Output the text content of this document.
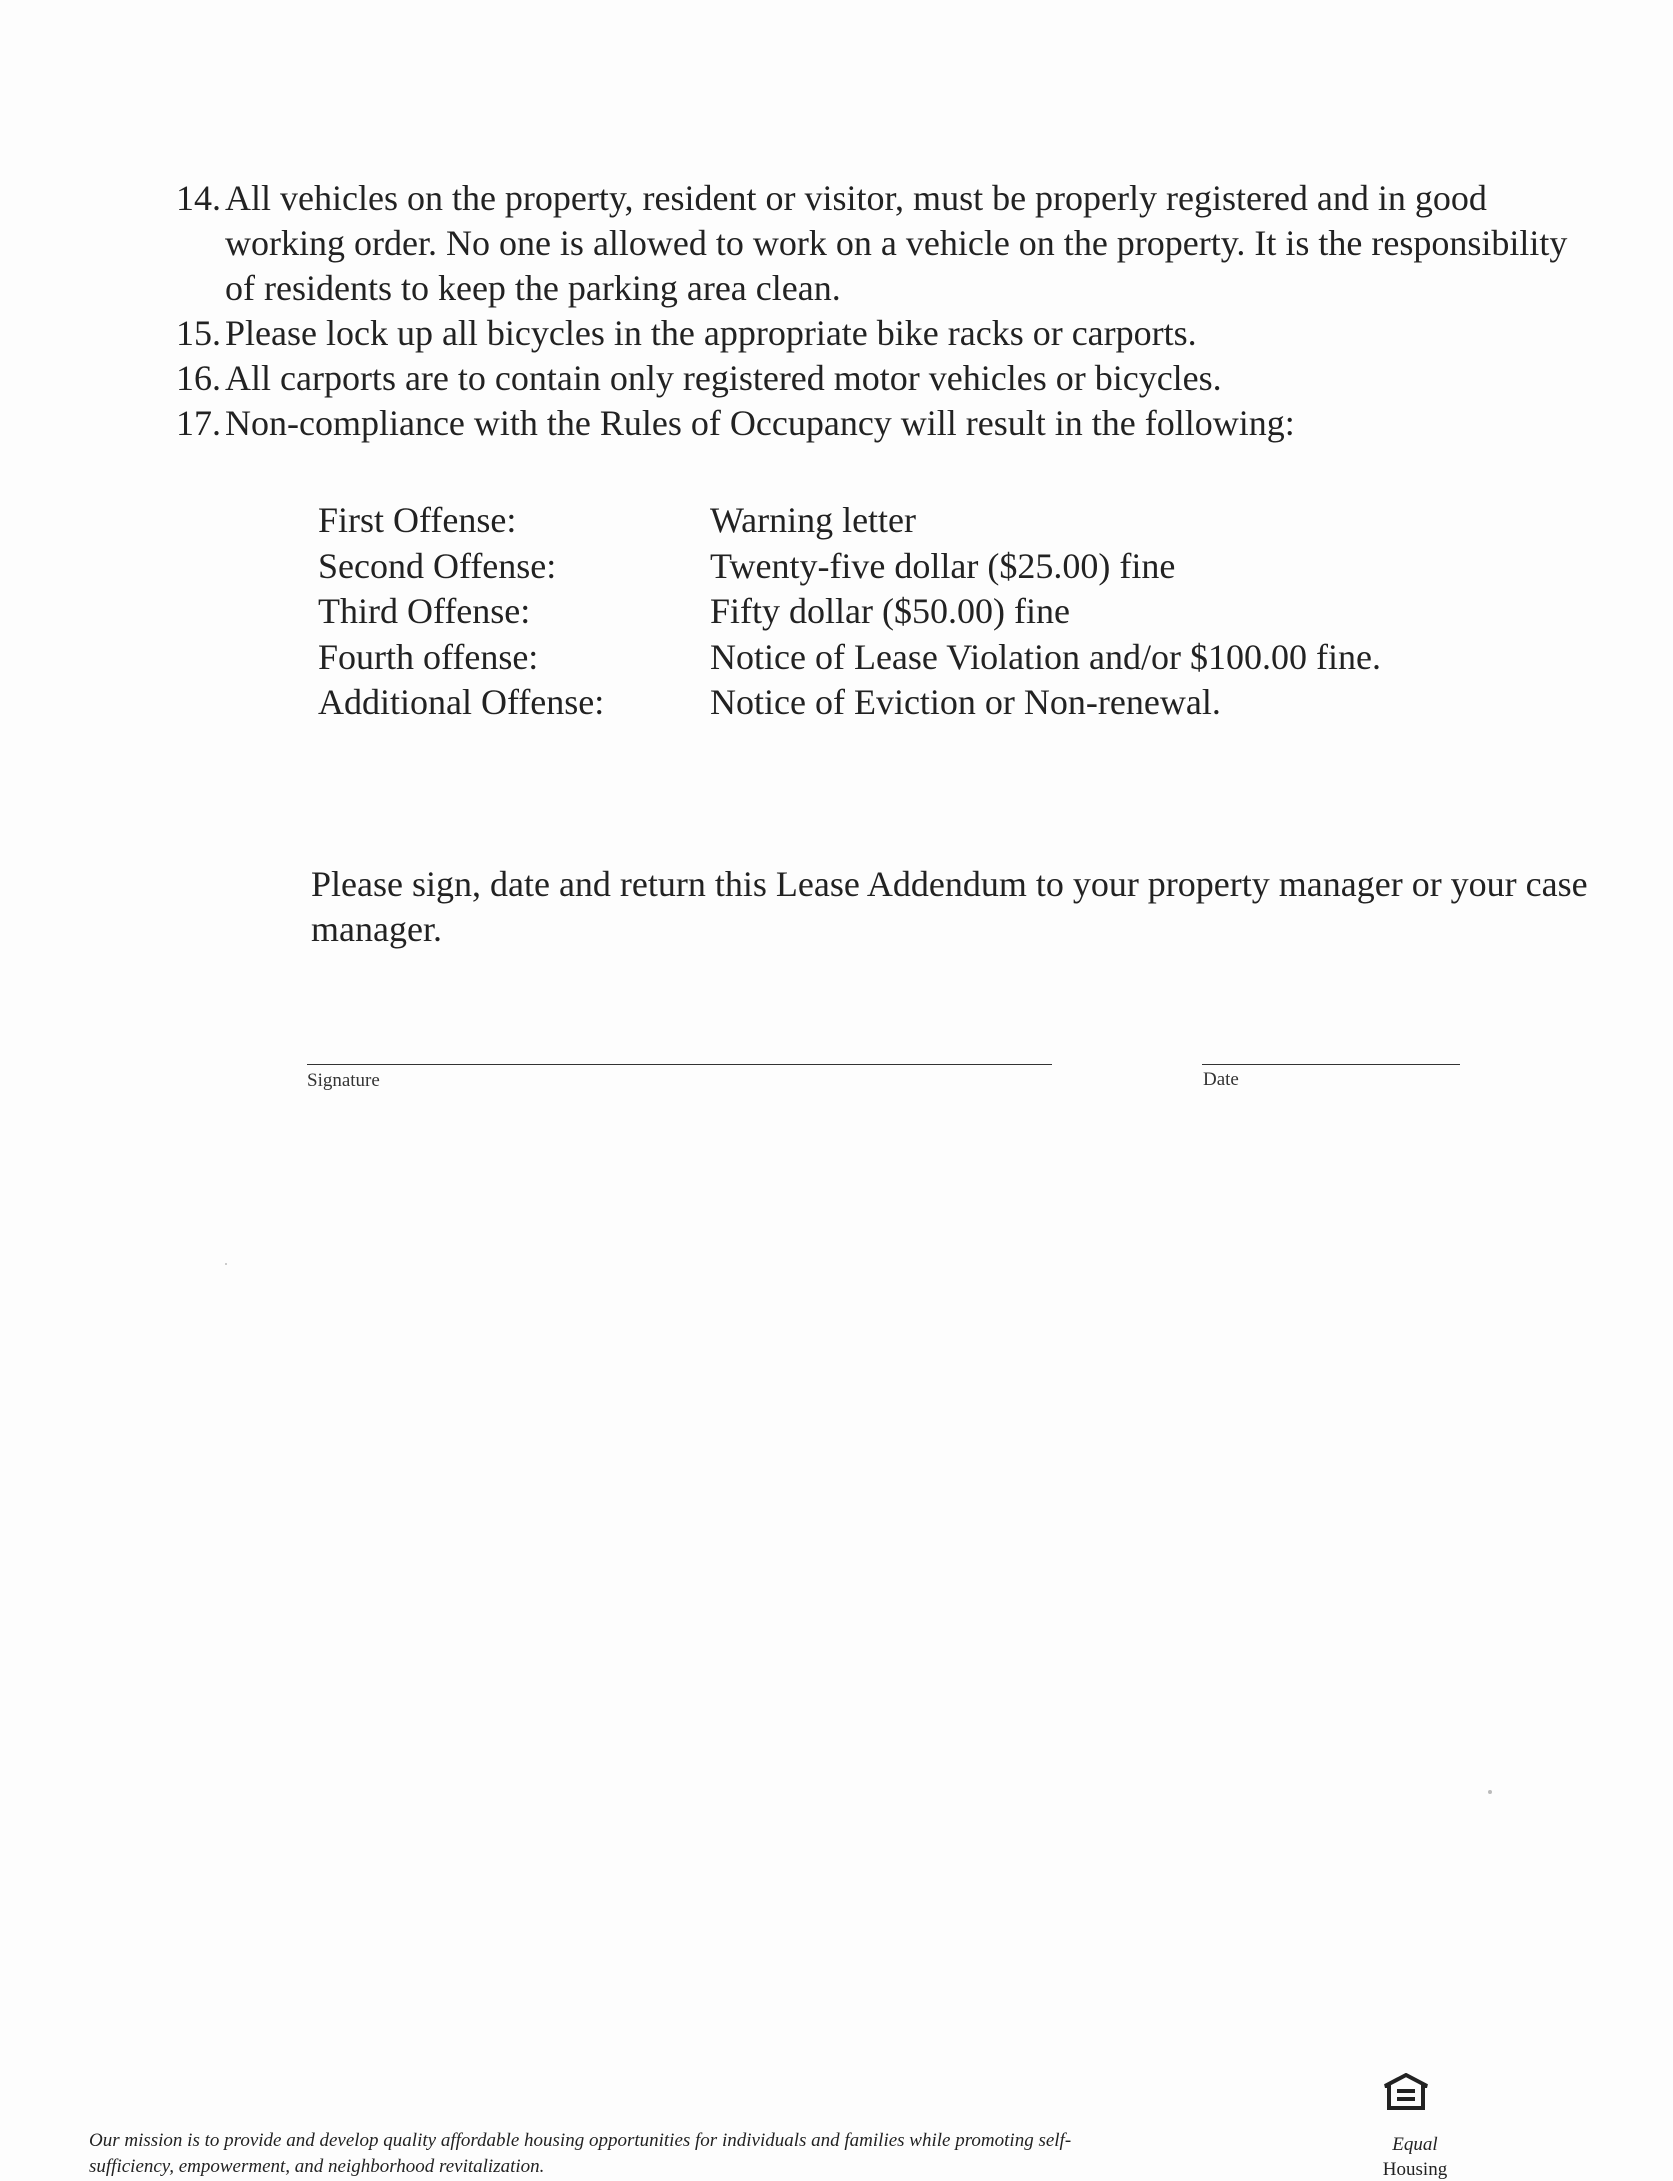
14. All vehicles on the property, resident or visitor, must be properly registered and in good working order. No one is allowed to work on a vehicle on the property. It is the responsibility of residents to keep the parking area clean.
15. Please lock up all bicycles in the appropriate bike racks or carports.
16. All carports are to contain only registered motor vehicles or bicycles.
17. Non-compliance with the Rules of Occupancy will result in the following:
First Offense:	Warning letter
Second Offense:	Twenty-five dollar ($25.00) fine
Third Offense:	Fifty dollar ($50.00) fine
Fourth offense:	Notice of Lease Violation and/or $100.00 fine.
Additional Offense:	Notice of Eviction or Non-renewal.
Please sign, date and return this Lease Addendum to your property manager or your case manager.
Signature	Date
Our mission is to provide and develop quality affordable housing opportunities for individuals and families while promoting self-sufficiency, empowerment, and neighborhood revitalization.
Equal
Housing
